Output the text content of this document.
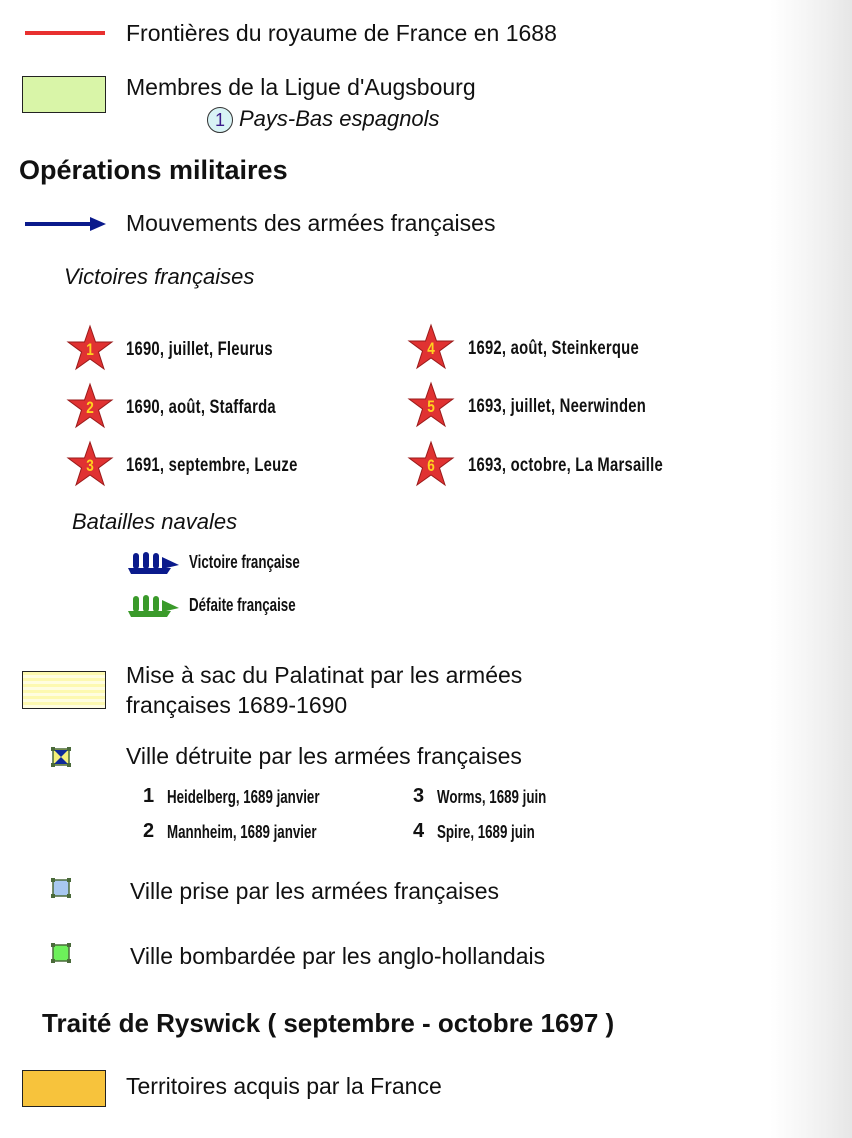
Frontières du royaume de France en 1688
Membres de la Ligue d'Augsbourg
1 Pays-Bas espagnols
Opérations militaires
Mouvements des armées françaises
Victoires françaises
1	1690, juillet, Fleurus
2	1690, août, Staffarda
3	1691, septembre, Leuze
4	1692, août, Steinkerque
5	1693, juillet, Neerwinden
6	1693, octobre, La Marsaille
Batailles navales
Victoire française
Défaite française
Mise à sac du Palatinat par les armées
françaises 1689-1690
Ville détruite par les armées françaises
1 Heidelberg, 1689 janvier
2 Mannheim, 1689 janvier
3 Worms, 1689 juin
4 Spire, 1689 juin
Ville prise par les armées françaises
Ville bombardée par les anglo-hollandais
Traité de Ryswick ( septembre - octobre 1697 )
Territoires acquis par la France
